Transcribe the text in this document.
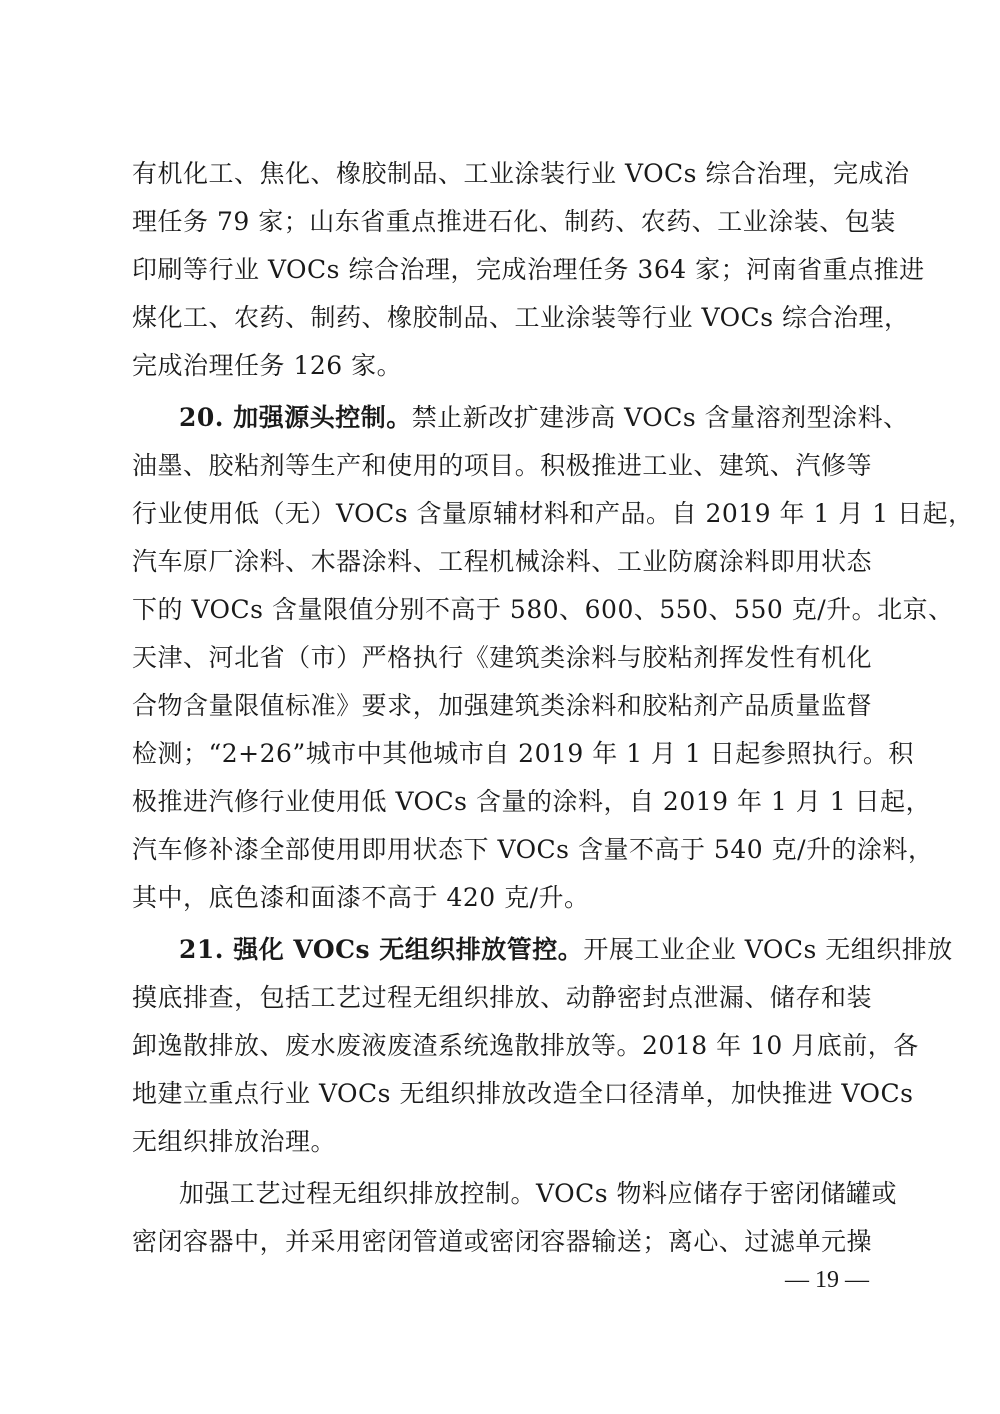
有机化工、焦化、橡胶制品、工业涂装行业 VOCs 综合治理，完成治
理任务 79 家；山东省重点推进石化、制药、农药、工业涂装、包装
印刷等行业 VOCs 综合治理，完成治理任务 364 家；河南省重点推进
煤化工、农药、制药、橡胶制品、工业涂装等行业 VOCs 综合治理，
完成治理任务 126 家。
20. 加强源头控制。禁止新改扩建涉高 VOCs 含量溶剂型涂料、
油墨、胶粘剂等生产和使用的项目。积极推进工业、建筑、汽修等
行业使用低（无）VOCs 含量原辅材料和产品。自 2019 年 1 月 1 日起，
汽车原厂涂料、木器涂料、工程机械涂料、工业防腐涂料即用状态
下的 VOCs 含量限值分别不高于 580、600、550、550 克/升。北京、
天津、河北省（市）严格执行《建筑类涂料与胶粘剂挥发性有机化
合物含量限值标准》要求，加强建筑类涂料和胶粘剂产品质量监督
检测；“2+26”城市中其他城市自 2019 年 1 月 1 日起参照执行。积
极推进汽修行业使用低 VOCs 含量的涂料，自 2019 年 1 月 1 日起，
汽车修补漆全部使用即用状态下 VOCs 含量不高于 540 克/升的涂料，
其中，底色漆和面漆不高于 420 克/升。
21. 强化 VOCs 无组织排放管控。开展工业企业 VOCs 无组织排放
摸底排查，包括工艺过程无组织排放、动静密封点泄漏、储存和装
卸逸散排放、废水废液废渣系统逸散排放等。2018 年 10 月底前，各
地建立重点行业 VOCs 无组织排放改造全口径清单，加快推进 VOCs
无组织排放治理。
加强工艺过程无组织排放控制。VOCs 物料应储存于密闭储罐或
密闭容器中，并采用密闭管道或密闭容器输送；离心、过滤单元操
— 19 —
